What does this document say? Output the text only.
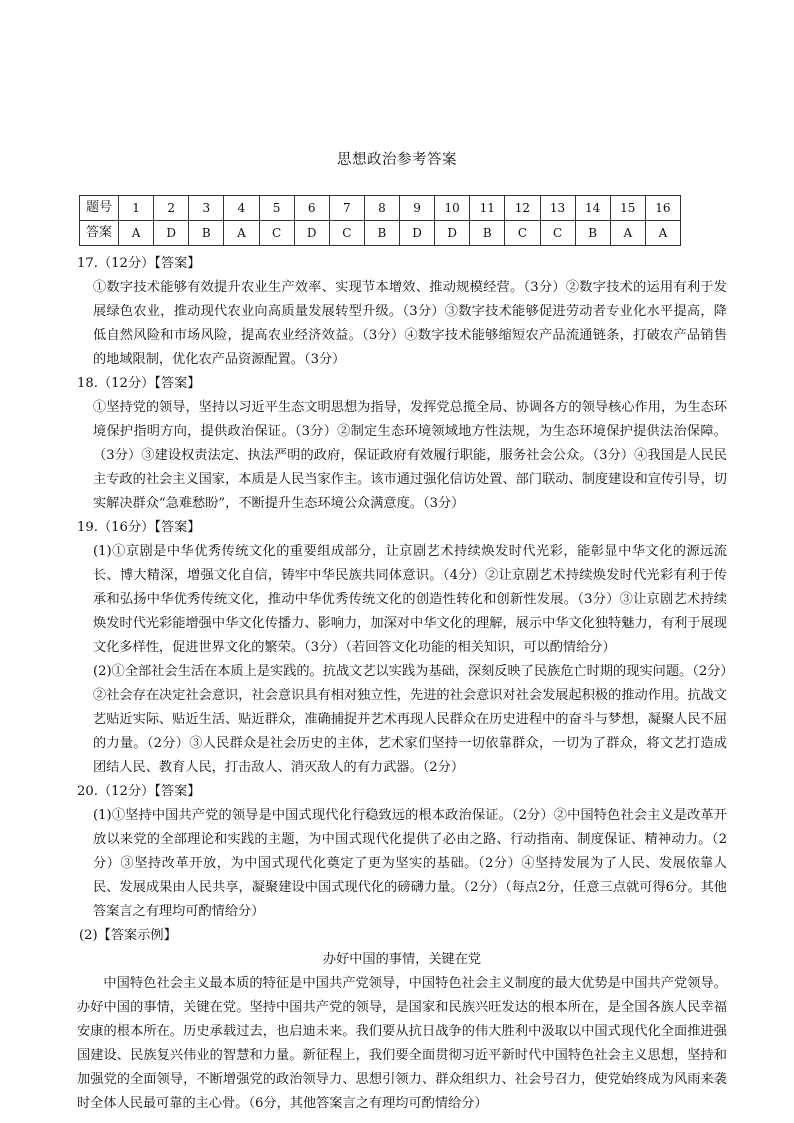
思想政治参考答案
题号	1	2	3	4	5	6	7	8	9	10	11	12	13	14	15	16
答案	A	D	B	A	C	D	C	B	D	D	B	C	C	B	A	A

17.（12分）【答案】

①数字技术能够有效提升农业生产效率、实现节本增效、推动规模经营。（3分）②数字技术的运用有利于发展绿色农业，推动现代农业向高质量发展转型升级。（3分）③数字技术能够促进劳动者专业化水平提高，降低自然风险和市场风险，提高农业经济效益。（3分）④数字技术能够缩短农产品流通链条，打破农产品销售的地域限制，优化农产品资源配置。（3分）

18.（12分）【答案】

①坚持党的领导，坚持以习近平生态文明思想为指导，发挥党总揽全局、协调各方的领导核心作用，为生态环境保护指明方向，提供政治保证。（3分）②制定生态环境领域地方性法规，为生态环境保护提供法治保障。（3分）③建设权责法定、执法严明的政府，保证政府有效履行职能，服务社会公众。（3分）④我国是人民民主专政的社会主义国家，本质是人民当家作主。该市通过强化信访处置、部门联动、制度建设和宣传引导，切实解决群众“急难愁盼”，不断提升生态环境公众满意度。（3分）

19.（16分）【答案】

(1)①京剧是中华优秀传统文化的重要组成部分，让京剧艺术持续焕发时代光彩，能彰显中华文化的源远流长、博大精深，增强文化自信，铸牢中华民族共同体意识。（4分）②让京剧艺术持续焕发时代光彩有利于传承和弘扬中华优秀传统文化，推动中华优秀传统文化的创造性转化和创新性发展。（3分）③让京剧艺术持续焕发时代光彩能增强中华文化传播力、影响力，加深对中华文化的理解，展示中华文化独特魅力，有利于展现文化多样性，促进世界文化的繁荣。（3分）（若回答文化功能的相关知识，可以酌情给分）

(2)①全部社会生活在本质上是实践的。抗战文艺以实践为基础，深刻反映了民族危亡时期的现实问题。（2分）②社会存在决定社会意识，社会意识具有相对独立性，先进的社会意识对社会发展起积极的推动作用。抗战文艺贴近实际、贴近生活、贴近群众，准确捕捉并艺术再现人民群众在历史进程中的奋斗与梦想，凝聚人民不屈的力量。（2分）③人民群众是社会历史的主体，艺术家们坚持一切依靠群众，一切为了群众，将文艺打造成团结人民、教育人民，打击敌人、消灭敌人的有力武器。（2分）

20.（12分）【答案】

(1)①坚持中国共产党的领导是中国式现代化行稳致远的根本政治保证。（2分）②中国特色社会主义是改革开放以来党的全部理论和实践的主题，为中国式现代化提供了必由之路、行动指南、制度保证、精神动力。（2分）③坚持改革开放，为中国式现代化奠定了更为坚实的基础。（2分）④坚持发展为了人民、发展依靠人民、发展成果由人民共享，凝聚建设中国式现代化的磅礴力量。（2分）（每点2分，任意三点就可得6分。其他答案言之有理均可酌情给分）

(2)【答案示例】

办好中国的事情，关键在党

中国特色社会主义最本质的特征是中国共产党领导，中国特色社会主义制度的最大优势是中国共产党领导。办好中国的事情，关键在党。坚持中国共产党的领导，是国家和民族兴旺发达的根本所在，是全国各族人民幸福安康的根本所在。历史承载过去，也启迪未来。我们要从抗日战争的伟大胜利中汲取以中国式现代化全面推进强国建设、民族复兴伟业的智慧和力量。新征程上，我们要全面贯彻习近平新时代中国特色社会主义思想，坚持和加强党的全面领导，不断增强党的政治领导力、思想引领力、群众组织力、社会号召力，使党始终成为风雨来袭时全体人民最可靠的主心骨。（6分，其他答案言之有理均可酌情给分）
